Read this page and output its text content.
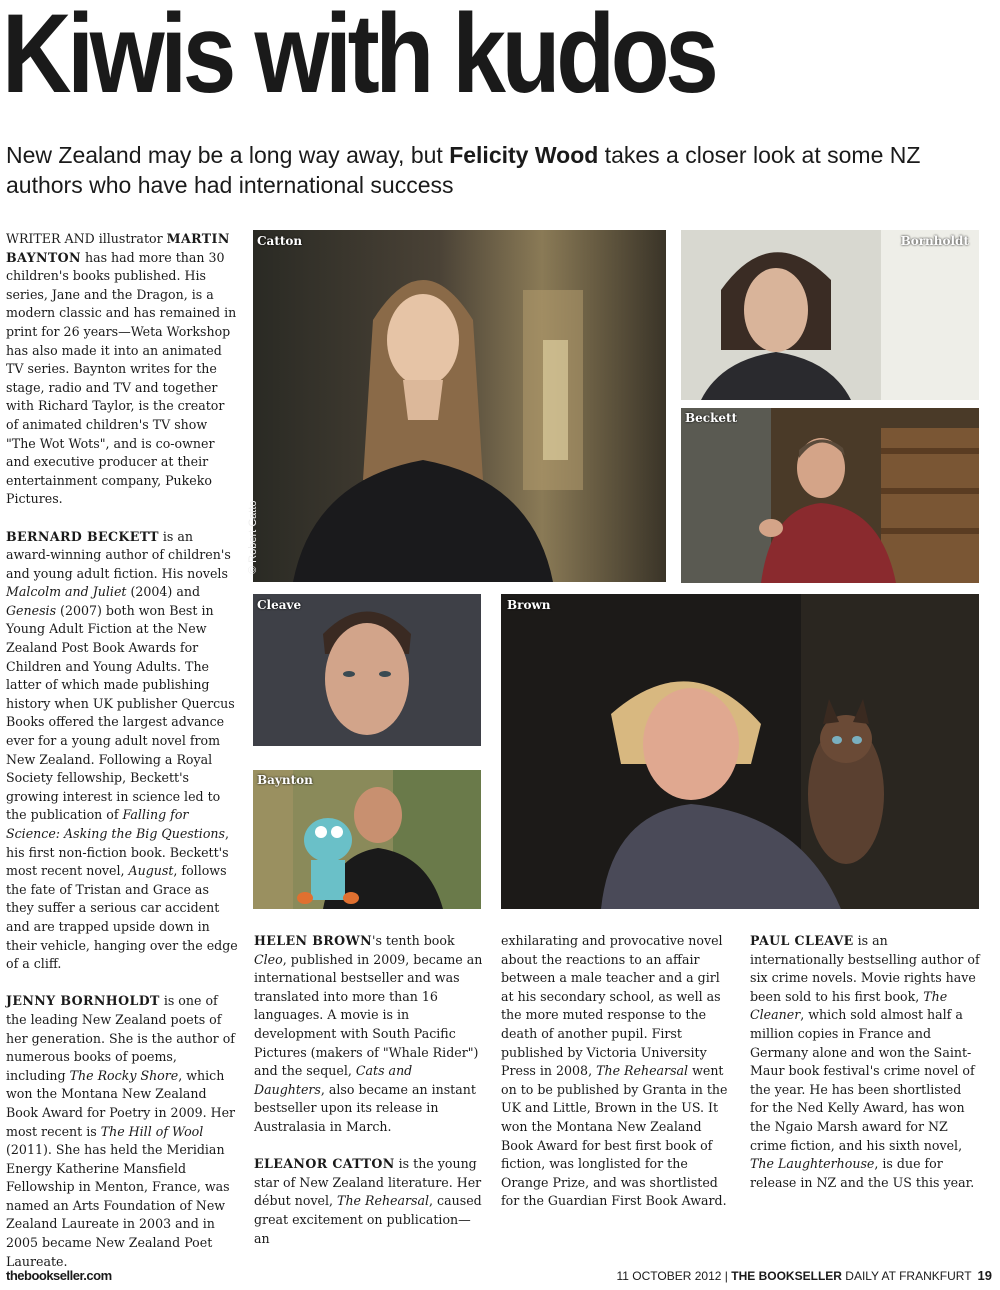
Kiwis with kudos
New Zealand may be a long way away, but Felicity Wood takes a closer look at some NZ authors who have had international success

WRITER AND illustrator MARTIN BAYNTON has had more than 30 children's books published. His series, Jane and the Dragon, is a modern classic and has remained in print for 26 years—Weta Workshop has also made it into an animated TV series. Baynton writes for the stage, radio and TV and together with Richard Taylor, is the creator of animated children's TV show "The Wot Wots", and is co-owner and executive producer at their entertainment company, Pukeko Pictures.

BERNARD BECKETT is an award-winning author of children's and young adult fiction. His novels Malcolm and Juliet (2004) and Genesis (2007) both won Best in Young Adult Fiction at the New Zealand Post Book Awards for Children and Young Adults. The latter of which made publishing history when UK publisher Quercus Books offered the largest advance ever for a young adult novel from New Zealand. Following a Royal Society fellowship, Beckett's growing interest in science led to the publication of Falling for Science: Asking the Big Questions, his first non-fiction book. Beckett's most recent novel, August, follows the fate of Tristan and Grace as they suffer a serious car accident and are trapped upside down in their vehicle, hanging over the edge of a cliff.

JENNY BORNHOLDT is one of the leading New Zealand poets of her generation. She is the author of numerous books of poems, including The Rocky Shore, which won the Montana New Zealand Book Award for Poetry in 2009. Her most recent is The Hill of Wool (2011). She has held the Meridian Energy Katherine Mansfield Fellowship in Menton, France, was named an Arts Foundation of New Zealand Laureate in 2003 and in 2005 became New Zealand Poet Laureate.

Catton
© Robert Catto
Bornholdt
Beckett
Cleave	Brown
Baynton

HELEN BROWN's tenth book Cleo, published in 2009, became an international bestseller and was translated into more than 16 languages. A movie is in development with South Pacific Pictures (makers of "Whale Rider") and the sequel, Cats and Daughters, also became an instant bestseller upon its release in Australasia in March.

ELEANOR CATTON is the young star of New Zealand literature. Her début novel, The Rehearsal, caused great excitement on publication—an

exhilarating and provocative novel about the reactions to an affair between a male teacher and a girl at his secondary school, as well as the more muted response to the death of another pupil. First published by Victoria University Press in 2008, The Rehearsal went on to be published by Granta in the UK and Little, Brown in the US. It won the Montana New Zealand Book Award for best first book of fiction, was longlisted for the Orange Prize, and was shortlisted for the Guardian First Book Award.

PAUL CLEAVE is an internationally bestselling author of six crime novels. Movie rights have been sold to his first book, The Cleaner, which sold almost half a million copies in France and Germany alone and won the Saint-Maur book festival's crime novel of the year. He has been shortlisted for the Ned Kelly Award, has won the Ngaio Marsh award for NZ crime fiction, and his sixth novel, The Laughterhouse, is due for release in NZ and the US this year.

thebookseller.com	11 OCTOBER 2012 | THE BOOKSELLER DAILY AT FRANKFURT 19
